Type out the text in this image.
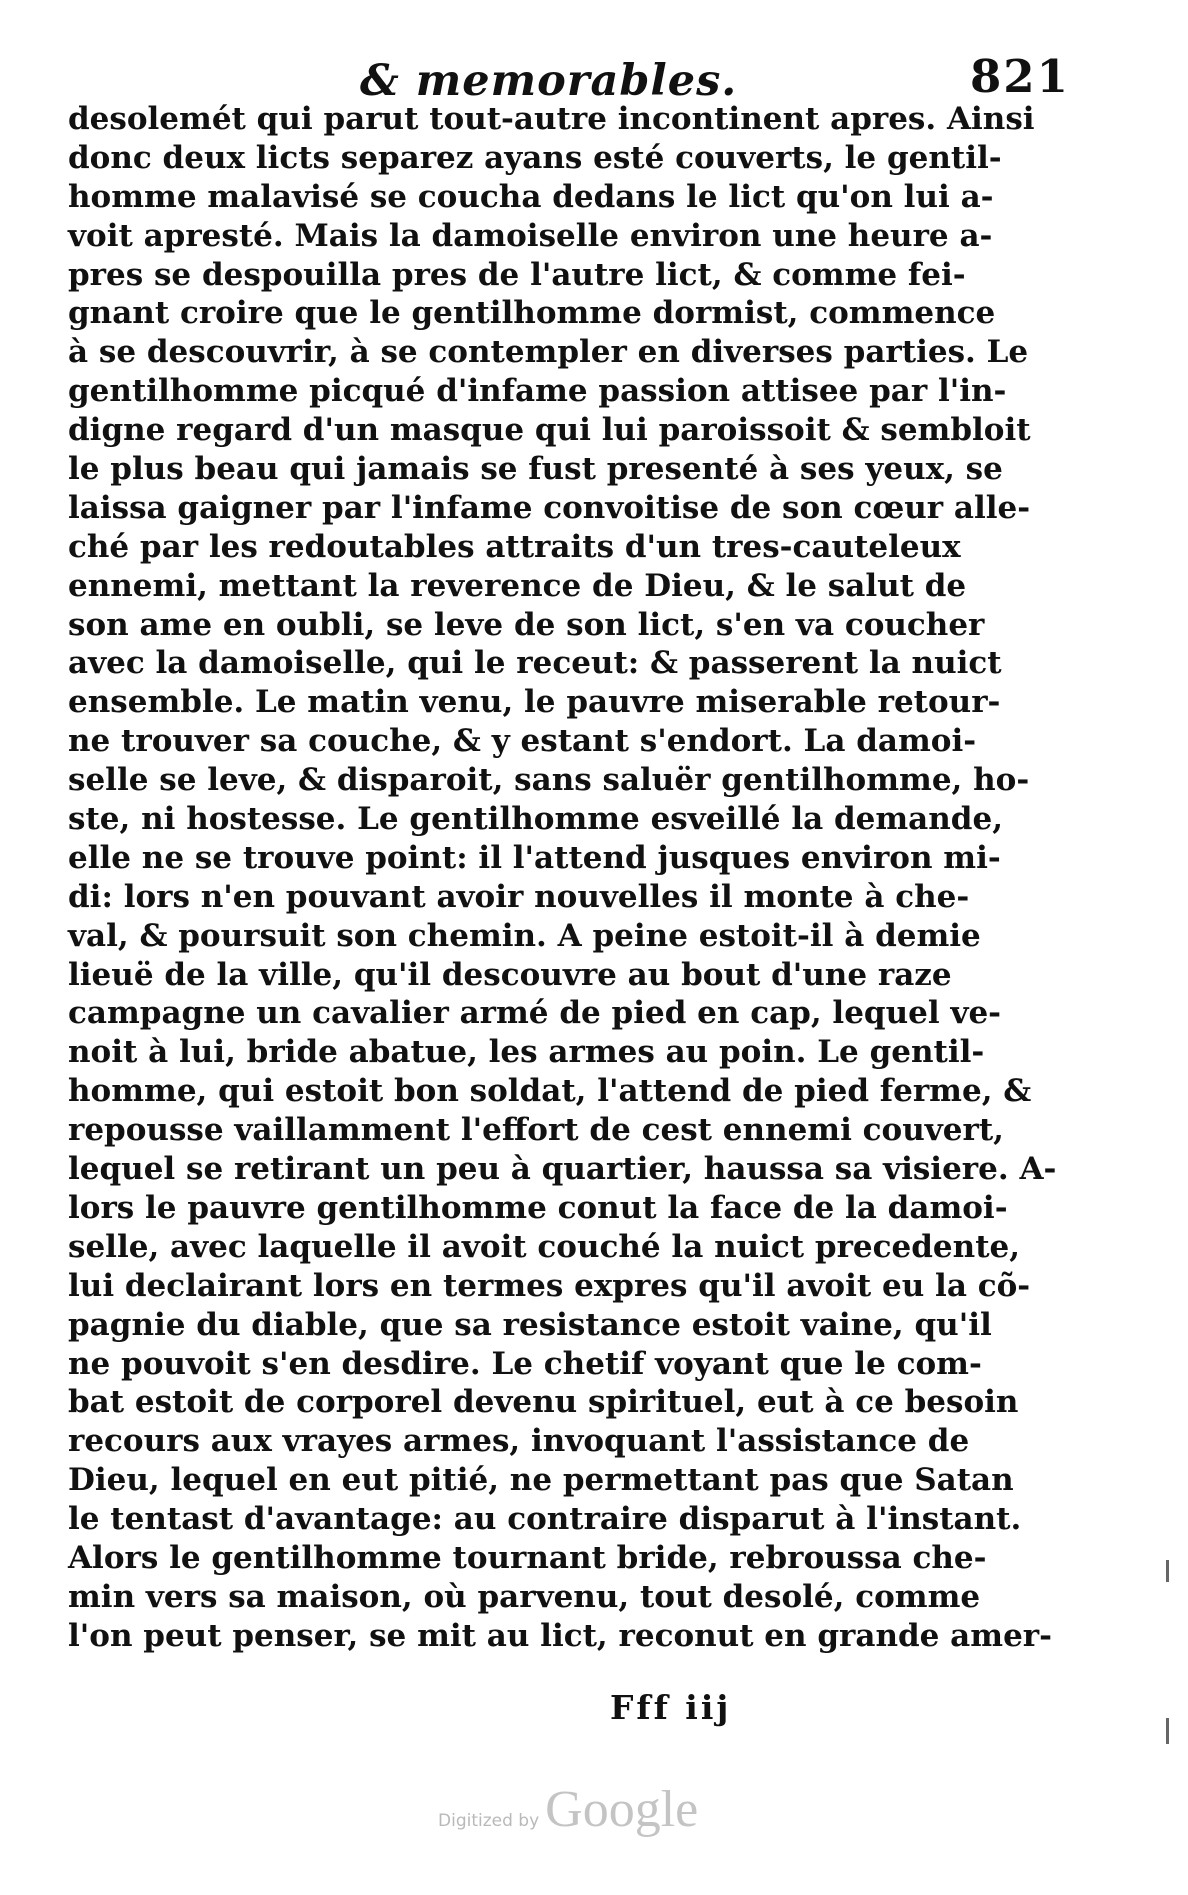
& memorables.	821
desolemét qui parut tout-autre incontinent apres. Ainsi
donc deux licts separez ayans esté couverts, le gentil-
homme malavisé se coucha dedans le lict qu'on lui a-
voit apresté. Mais la damoiselle environ une heure a-
pres se despouilla pres de l'autre lict, & comme fei-
gnant croire que le gentilhomme dormist, commence
à se descouvrir, à se contempler en diverses parties. Le
gentilhomme picqué d'infame passion attisee par l'in-
digne regard d'un masque qui lui paroissoit & sembloit
le plus beau qui jamais se fust presenté à ses yeux, se
laissa gaigner par l'infame convoitise de son cœur alle-
ché par les redoutables attraits d'un tres-cauteleux
ennemi, mettant la reverence de Dieu, & le salut de
son ame en oubli, se leve de son lict, s'en va coucher
avec la damoiselle, qui le receut: & passerent la nuict
ensemble. Le matin venu, le pauvre miserable retour-
ne trouver sa couche, & y estant s'endort. La damoi-
selle se leve, & disparoit, sans saluër gentilhomme, ho-
ste, ni hostesse. Le gentilhomme esveillé la demande,
elle ne se trouve point: il l'attend jusques environ mi-
di: lors n'en pouvant avoir nouvelles il monte à che-
val, & poursuit son chemin. A peine estoit-il à demie
lieuë de la ville, qu'il descouvre au bout d'une raze
campagne un cavalier armé de pied en cap, lequel ve-
noit à lui, bride abatue, les armes au poin. Le gentil-
homme, qui estoit bon soldat, l'attend de pied ferme, &
repousse vaillamment l'effort de cest ennemi couvert,
lequel se retirant un peu à quartier, haussa sa visiere. A-
lors le pauvre gentilhomme conut la face de la damoi-
selle, avec laquelle il avoit couché la nuict precedente,
lui declairant lors en termes expres qu'il avoit eu la cõ-
pagnie du diable, que sa resistance estoit vaine, qu'il
ne pouvoit s'en desdire. Le chetif voyant que le com-
bat estoit de corporel devenu spirituel, eut à ce besoin
recours aux vrayes armes, invoquant l'assistance de
Dieu, lequel en eut pitié, ne permettant pas que Satan
le tentast d'avantage: au contraire disparut à l'instant.
Alors le gentilhomme tournant bride, rebroussa che-
min vers sa maison, où parvenu, tout desolé, comme
l'on peut penser, se mit au lict, reconut en grande amer-
Fff iij
Digitized by Google
